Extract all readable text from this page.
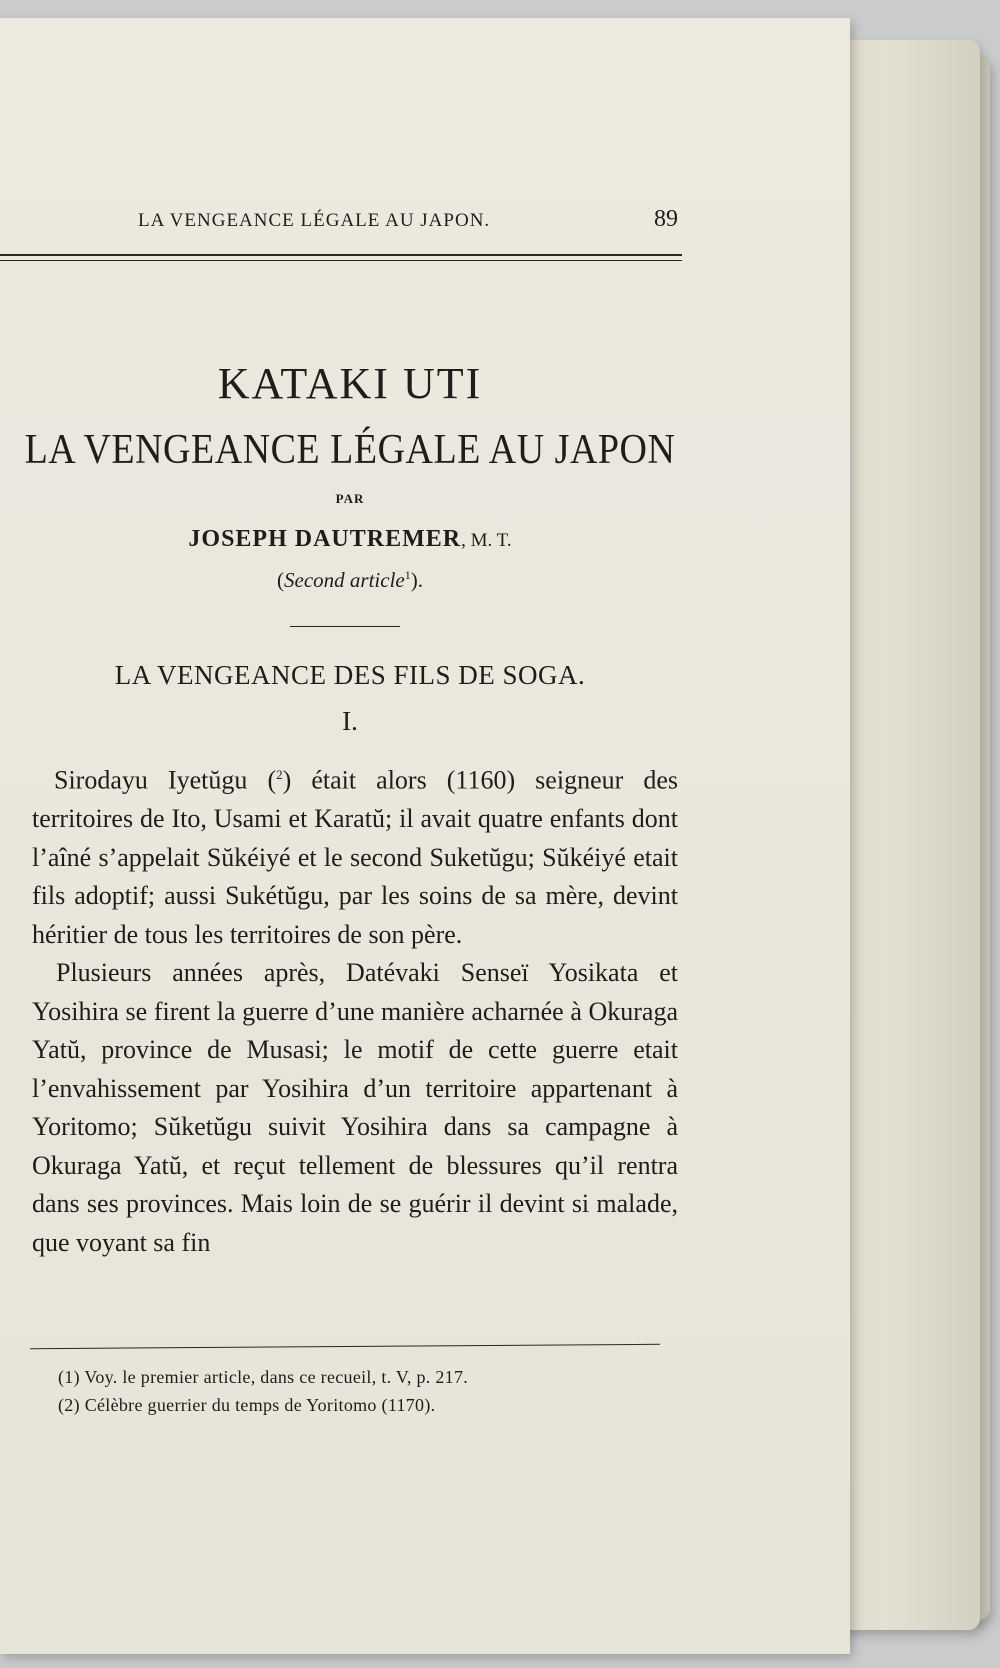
LA VENGEANCE LÉGALE AU JAPON.	89
KATAKI UTI
LA VENGEANCE LÉGALE AU JAPON
PAR
JOSEPH DAUTREMER, M. T.
(Second article$^1$).
LA VENGEANCE DES FILS DE SOGA.
I.

Sirodayu Iyetŭgu ($^2$) était alors (1160) seigneur des territoires de Ito, Usami et Karatŭ; il avait quatre enfants dont l’aîné s’appelait Sŭkéiyé et le second Suketŭgu; Sŭkéiyé etait fils adoptif; aussi Sukétŭgu, par les soins de sa mère, devint héritier de tous les territoires de son père.

Plusieurs années après, Datévaki Senseï Yosikata et Yosihira se firent la guerre d’une manière acharnée à Okuraga Yatŭ, province de Musasi; le motif de cette guerre etait l’envahissement par Yosihira d’un territoire appartenant à Yoritomo; Sŭketŭgu suivit Yosihira dans sa campagne à Okuraga Yatŭ, et reçut tellement de blessures qu’il rentra dans ses provinces. Mais loin de se guérir il devint si malade, que voyant sa fin

(1) Voy. le premier article, dans ce recueil, t. V, p. 217.
(2) Célèbre guerrier du temps de Yoritomo (1170).
